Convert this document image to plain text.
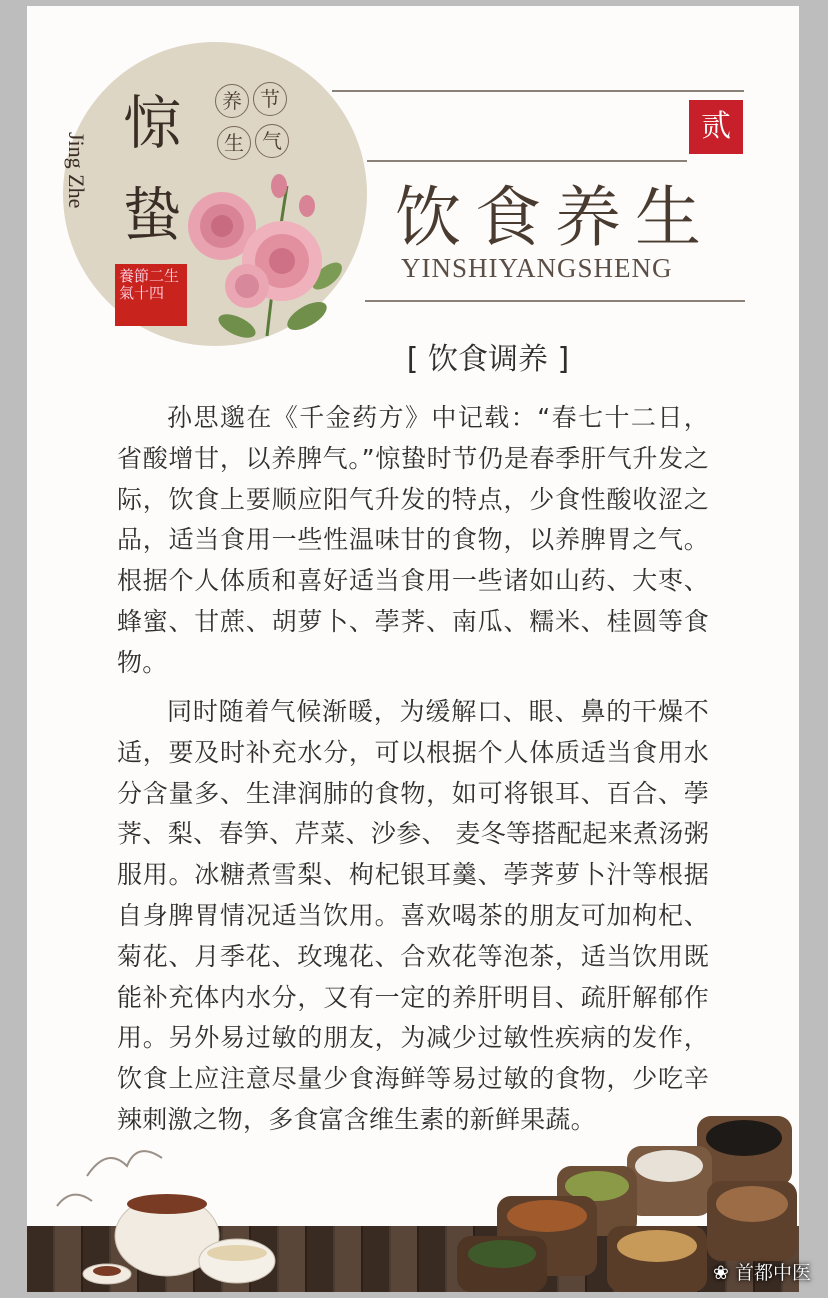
惊
蛰
Jing Zhe
养 节
生 气
養節二生氣十四
贰
饮食养生
YINSHIYANGSHENG
[ 饮食调养 ]
孙思邈在《千金药方》中记载：“春七十二日，省酸增甘，以养脾气。”惊蛰时节仍是春季肝气升发之际，饮食上要顺应阳气升发的特点，少食性酸收涩之品，适当食用一些性温味甘的食物，以养脾胃之气。根据个人体质和喜好适当食用一些诸如山药、大枣、蜂蜜、甘蔗、胡萝卜、荸荠、南瓜、糯米、桂圆等食物。
同时随着气候渐暖，为缓解口、眼、鼻的干燥不适，要及时补充水分，可以根据个人体质适当食用水分含量多、生津润肺的食物，如可将银耳、百合、荸荠、梨、春笋、芹菜、沙参、 麦冬等搭配起来煮汤粥服用。冰糖煮雪梨、枸杞银耳羹、荸荠萝卜汁等根据自身脾胃情况适当饮用。喜欢喝茶的朋友可加枸杞、菊花、月季花、玫瑰花、合欢花等泡茶，适当饮用既能补充体内水分，又有一定的养肝明目、疏肝解郁作用。另外易过敏的朋友，为减少过敏性疾病的发作，饮食上应注意尽量少食海鲜等易过敏的食物，少吃辛辣刺激之物，多食富含维生素的新鲜果蔬。
❀ 首都中医
